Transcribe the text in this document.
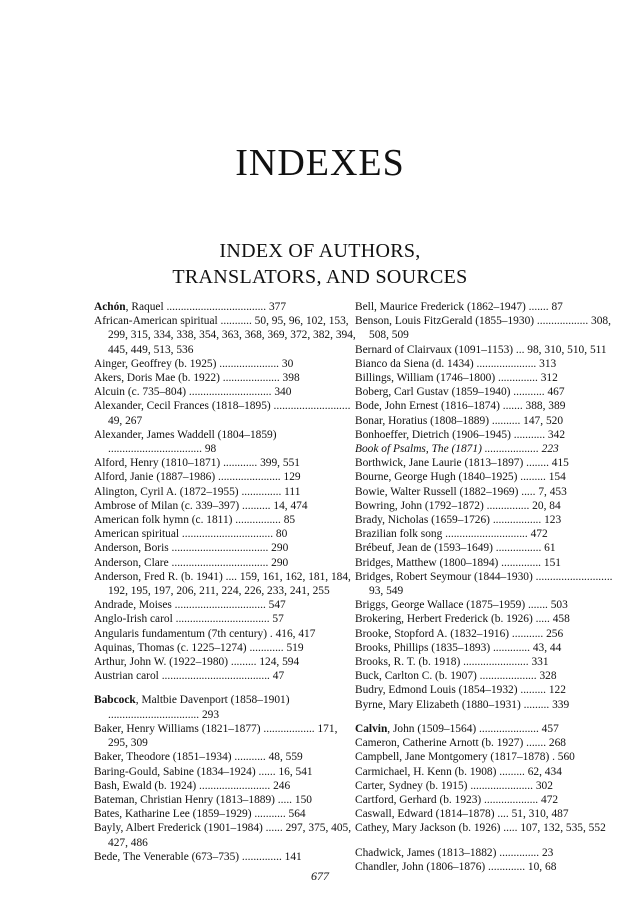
INDEXES
INDEX OF AUTHORS,
TRANSLATORS, AND SOURCES
Achón, Raquel ................................... 377
African-American spiritual ........... 50, 95, 96, 102, 153, 299, 315, 334, 338, 354, 363, 368, 369, 372, 382, 394, 445, 449, 513, 536
Ainger, Geoffrey (b. 1925) ..................... 30
Akers, Doris Mae (b. 1922) .................... 398
Alcuin (c. 735–804) ............................. 340
Alexander, Cecil Frances (1818–1895) ........................... 49, 267
Alexander, James Waddell (1804–1859) ................................. 98
Alford, Henry (1810–1871) ............ 399, 551
Alford, Janie (1887–1986) ...................... 129
Alington, Cyril A. (1872–1955) .............. 111
Ambrose of Milan (c. 339–397) .......... 14, 474
American folk hymn (c. 1811) ................ 85
American spiritual ................................ 80
Anderson, Boris .................................. 290
Anderson, Clare .................................. 290
Anderson, Fred R. (b. 1941) .... 159, 161, 162, 181, 184, 192, 195, 197, 206, 211, 224, 226, 233, 241, 255
Andrade, Moises ................................ 547
Anglo-Irish carol ................................. 57
Angularis fundamentum (7th century) . 416, 417
Aquinas, Thomas (c. 1225–1274) ............ 519
Arthur, John W. (1922–1980) ......... 124, 594
Austrian carol ...................................... 47
Babcock, Maltbie Davenport (1858–1901) ................................ 293
Baker, Henry Williams (1821–1877) .................. 171, 295, 309
Baker, Theodore (1851–1934) ........... 48, 559
Baring-Gould, Sabine (1834–1924) ...... 16, 541
Bash, Ewald (b. 1924) ......................... 246
Bateman, Christian Henry (1813–1889) ..... 150
Bates, Katharine Lee (1859–1929) ........... 564
Bayly, Albert Frederick (1901–1984) ...... 297, 375, 405, 427, 486
Bede, The Venerable (673–735) .............. 141
Bell, Maurice Frederick (1862–1947) ....... 87
Benson, Louis FitzGerald (1855–1930) .................. 308, 508, 509
Bernard of Clairvaux (1091–1153) ... 98, 310, 510, 511
Bianco da Siena (d. 1434) ..................... 313
Billings, William (1746–1800) .............. 312
Boberg, Carl Gustav (1859–1940) ........... 467
Bode, John Ernest (1816–1874) ....... 388, 389
Bonar, Horatius (1808–1889) .......... 147, 520
Bonhoeffer, Dietrich (1906–1945) ........... 342
Book of Psalms, The (1871) ................... 223
Borthwick, Jane Laurie (1813–1897) ........ 415
Bourne, George Hugh (1840–1925) ......... 154
Bowie, Walter Russell (1882–1969) ..... 7, 453
Bowring, John (1792–1872) ............... 20, 84
Brady, Nicholas (1659–1726) ................. 123
Brazilian folk song ............................. 472
Brébeuf, Jean de (1593–1649) ................ 61
Bridges, Matthew (1800–1894) .............. 151
Bridges, Robert Seymour (1844–1930) ........................... 93, 549
Briggs, George Wallace (1875–1959) ....... 503
Brokering, Herbert Frederick (b. 1926) ..... 458
Brooke, Stopford A. (1832–1916) ........... 256
Brooks, Phillips (1835–1893) ............. 43, 44
Brooks, R. T. (b. 1918) ....................... 331
Buck, Carlton C. (b. 1907) .................... 328
Budry, Edmond Louis (1854–1932) ......... 122
Byrne, Mary Elizabeth (1880–1931) ......... 339
Calvin, John (1509–1564) ..................... 457
Cameron, Catherine Arnott (b. 1927) ....... 268
Campbell, Jane Montgomery (1817–1878) . 560
Carmichael, H. Kenn (b. 1908) ......... 62, 434
Carter, Sydney (b. 1915) ...................... 302
Cartford, Gerhard (b. 1923) ................... 472
Caswall, Edward (1814–1878) .... 51, 310, 487
Cathey, Mary Jackson (b. 1926) ..... 107, 132, 535, 552
Chadwick, James (1813–1882) .............. 23
Chandler, John (1806–1876) ............. 10, 68
677
